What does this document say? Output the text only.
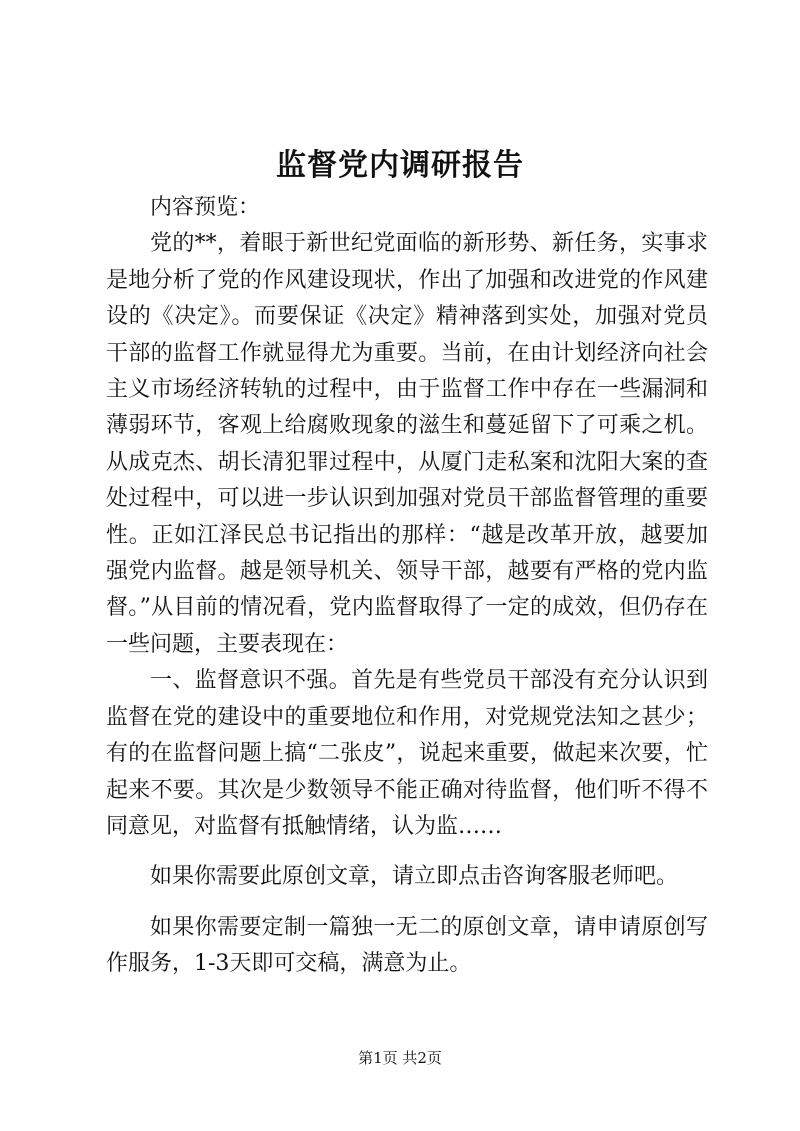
监督党内调研报告

内容预览：

党的**，着眼于新世纪党面临的新形势、新任务，实事求是地分析了党的作风建设现状，作出了加强和改进党的作风建设的《决定》。而要保证《决定》精神落到实处，加强对党员干部的监督工作就显得尤为重要。当前，在由计划经济向社会主义市场经济转轨的过程中，由于监督工作中存在一些漏洞和薄弱环节，客观上给腐败现象的滋生和蔓延留下了可乘之机。从成克杰、胡长清犯罪过程中，从厦门走私案和沈阳大案的查处过程中，可以进一步认识到加强对党员干部监督管理的重要性。正如江泽民总书记指出的那样：“越是改革开放，越要加强党内监督。越是领导机关、领导干部，越要有严格的党内监督。”从目前的情况看，党内监督取得了一定的成效，但仍存在一些问题，主要表现在：

一、监督意识不强。首先是有些党员干部没有充分认识到监督在党的建设中的重要地位和作用，对党规党法知之甚少；有的在监督问题上搞“二张皮”，说起来重要，做起来次要，忙起来不要。其次是少数领导不能正确对待监督，他们听不得不同意见，对监督有抵触情绪，认为监……

如果你需要此原创文章，请立即点击咨询客服老师吧。

如果你需要定制一篇独一无二的原创文章，请申请原创写作服务，1-3天即可交稿，满意为止。

第1页 共2页
